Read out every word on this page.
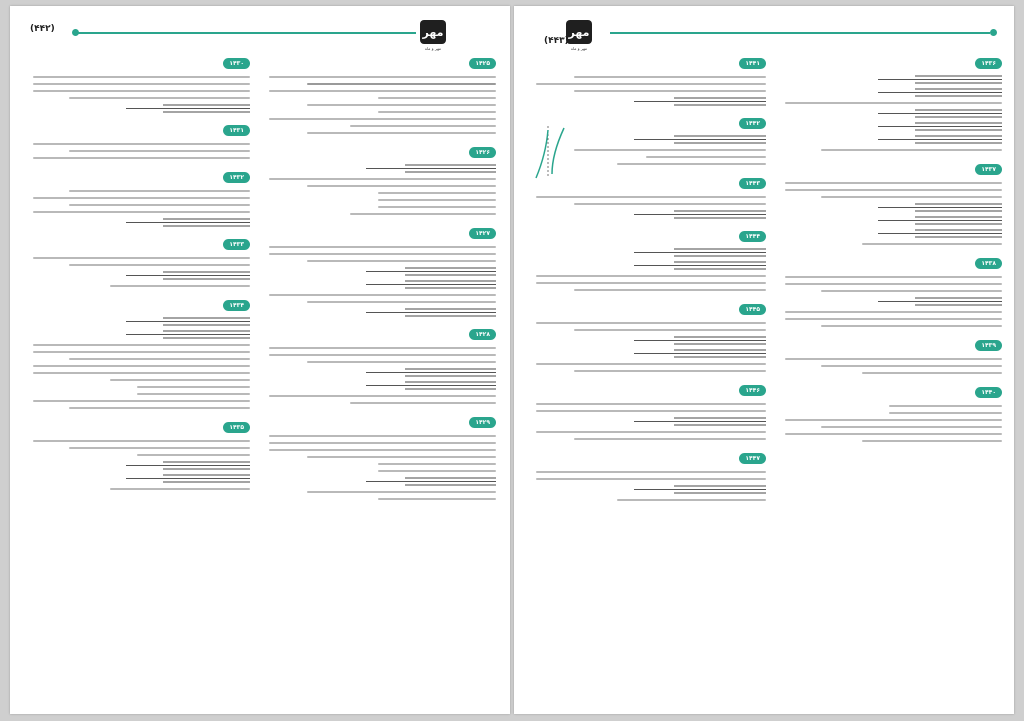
(۴۴۲)	مهر
مهر و ماه
۱۴۲۵
۱۴۲۶
۱۴۲۷
۱۴۲۸
۱۴۲۹
۱۴۳۰
۱۴۳۱
۱۴۳۲
۱۴۳۳
۱۴۳۴
۱۴۳۵
مهر
مهر و ماه
(۴۴۳)
۱۴۳۶
۱۴۳۷
۱۴۳۸
۱۴۳۹
۱۴۴۰
۱۴۴۱
۱۴۴۲
۱۴۴۳
۱۴۴۴
۱۴۴۵
۱۴۴۶
۱۴۴۷
